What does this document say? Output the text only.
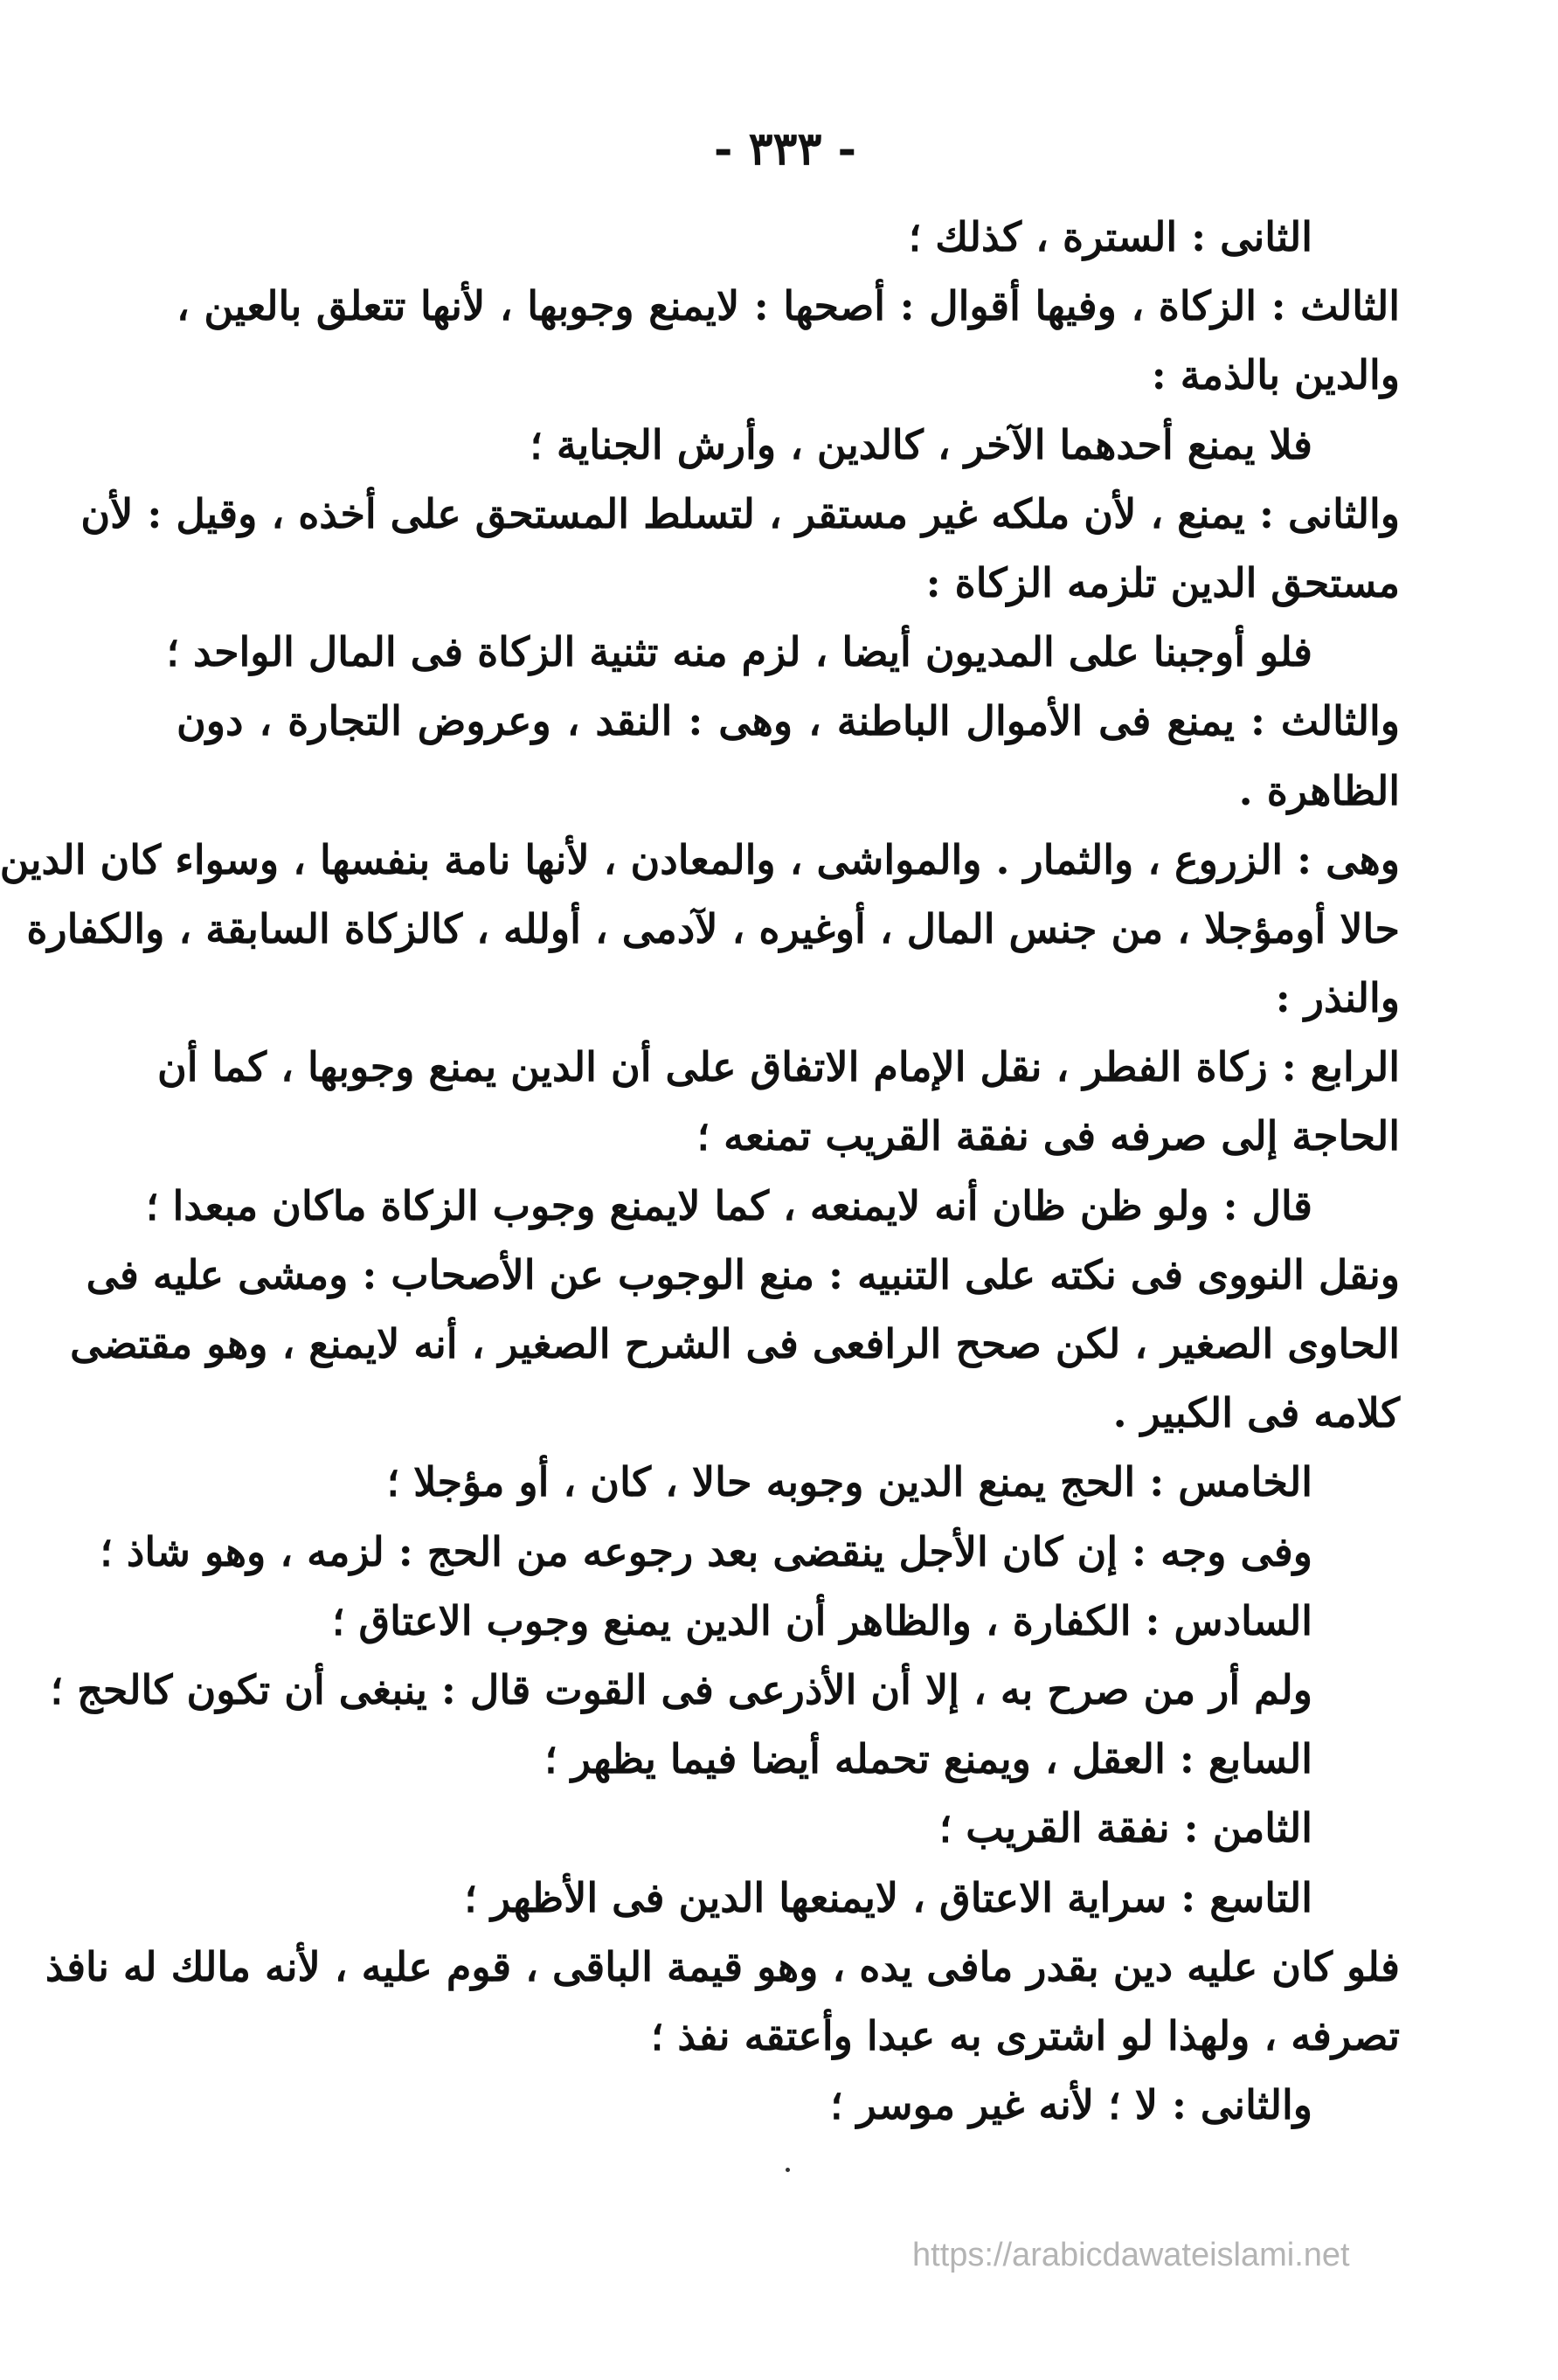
- ٣٣٣ -
الثانى : السترة ، كذلك ؛
الثالث : الزكاة ، وفيها أقوال : أصحها : لايمنع وجوبها ، لأنها تتعلق بالعين ،
والدين بالذمة :
فلا يمنع أحدهما الآخر ، كالدين ، وأرش الجناية ؛
والثانى : يمنع ، لأن ملكه غير مستقر ، لتسلط المستحق على أخذه ، وقيل : لأن
مستحق الدين تلزمه الزكاة :
فلو أوجبنا على المديون أيضا ، لزم منه تثنية الزكاة فى المال الواحد ؛
والثالث : يمنع فى الأموال الباطنة ، وهى : النقد ، وعروض التجارة ، دون
الظاهرة .
وهى : الزروع ، والثمار . والمواشى ، والمعادن ، لأنها نامة بنفسها ، وسواء كان الدين
حالا أومؤجلا ، من جنس المال ، أوغيره ، لآدمى ، أولله ، كالزكاة السابقة ، والكفارة
والنذر :
الرابع : زكاة الفطر ، نقل الإمام الاتفاق على أن الدين يمنع وجوبها ، كما أن
الحاجة إلى صرفه فى نفقة القريب تمنعه ؛
قال : ولو ظن ظان أنه لايمنعه ، كما لايمنع وجوب الزكاة ماكان مبعدا ؛
ونقل النووى فى نكته على التنبيه : منع الوجوب عن الأصحاب : ومشى عليه فى
الحاوى الصغير ، لكن صحح الرافعى فى الشرح الصغير ، أنه لايمنع ، وهو مقتضى
كلامه فى الكبير .
الخامس : الحج يمنع الدين وجوبه حالا ، كان ، أو مؤجلا ؛
وفى وجه : إن كان الأجل ينقضى بعد رجوعه من الحج : لزمه ، وهو شاذ ؛
السادس : الكفارة ، والظاهر أن الدين يمنع وجوب الاعتاق ؛
ولم أر من صرح به ، إلا أن الأذرعى فى القوت قال : ينبغى أن تكون كالحج ؛
السابع : العقل ، ويمنع تحمله أيضا فيما يظهر ؛
الثامن : نفقة القريب ؛
التاسع : سراية الاعتاق ، لايمنعها الدين فى الأظهر ؛
فلو كان عليه دين بقدر مافى يده ، وهو قيمة الباقى ، قوم عليه ، لأنه مالك له نافذ
تصرفه ، ولهذا لو اشترى به عبدا وأعتقه نفذ ؛
والثانى : لا ؛ لأنه غير موسر ؛
https://arabicdawateislami.net
